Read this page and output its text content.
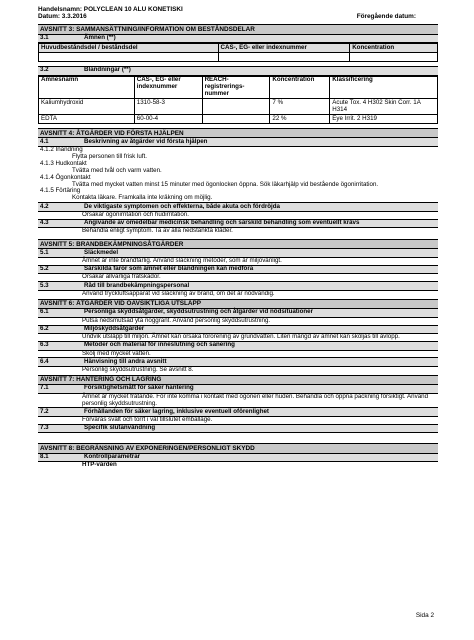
Handelsnamn: POLYCLEAN 10 ALU KONETISKI
Datum: 3.3.2016	Föregående datum:
AVSNITT 3: SAMMANSÄTTNING/INFORMATION OM BESTÅNDSDELAR
3.1	Ämnen (**)
Huvudbeståndsdel / beståndsdel	CAS-, EG- eller indexnummer	Koncentration

3.2	Blandningar (**)
Ämnesnamn	CAS-, EG- eller indexnummer	REACH-registrerings-nummer	Koncentration	Klassificering
Kaliumhydroxid	1310-58-3		7 %	Acute Tox. 4 H302 Skin Corr. 1A H314
EDTA	60-00-4		22 %	Eye Irrit. 2 H319
AVSNITT 4: ÅTGÄRDER VID FÖRSTA HJÄLPEN
4.1	Beskrivning av åtgärder vid första hjälpen
4.1.2 Inandning
Flytta personen till frisk luft.
4.1.3 Hudkontakt
Tvätta med tvål och varm vatten.
4.1.4 Ögonkontakt
Tvätta med mycket vatten minst 15 minuter med ögonlocken öppna. Sök läkarhjälp vid bestående ögonirritation.
4.1.5 Förtäring
Kontakta läkare. Framkalla inte kräkning om möjlig.
4.2	De viktigaste symptomen och effekterna, både akuta och fördröjda
Orsakar ögonirritation och hudirritation.
4.3	Angivande av omedelbar medicinsk behandling och särskild behandling som eventuellt krävs
Behandla enligt symptom. Ta av alla nedstänkta kläder.
AVSNITT 5: BRANDBEKÄMPNINGSÅTGÄRDER
5.1	Släckmedel
Ämnet är inte brandfarlig. Använd släckning metoder, som är miljövänligt.
5.2	Särskilda faror som ämnet eller blandningen kan medföra
Orsakar allvarliga frätskador.
5.3	Råd till brandbekämpningspersonal
Använd tryckluftsapparat vid släckning av brand, om det är nödvändig.
AVSNITT 6: ÅTGÄRDER VID OAVSIKTLIGA UTSLÄPP
6.1	Personliga skyddsåtgärder, skyddsutrustning och åtgärder vid nödsituationer
Putsa nedsmutsad yta noggrant. Använd personlig skyddsutrustning.
6.2	Miljöskyddsåtgärder
Undvik utsläpp till miljön. Ämnet kan orsaka förorening av grundvatten. Liten mängd av ämnet kan sköljas till avlopp.
6.3	Metoder och material för inneslutning och sanering
Skölj med mycket vatten.
6.4	Hänvisning till andra avsnitt
Personlig skyddsutrustning. Se avsnitt 8.
AVSNITT 7: HANTERING OCH LAGRING
7.1	Försiktighetsmått för säker hantering
Ämnet är mycket frätande. För inte komma i kontakt med ögonen eller huden. Behandla och öppna packning försiktigt. Använd personlig skyddsutrustning.
7.2	Förhållanden för säker lagring, inklusive eventuell oförenlighet
Förvaras svalt och torrt i väl tillslutet emballage.
7.3	Specifik slutanvändning
AVSNITT 8: BEGRÄNSNING AV EXPONERINGEN/PERSONLIGT SKYDD
8.1	Kontrollparametrar
HTP-värden
Sida 2
